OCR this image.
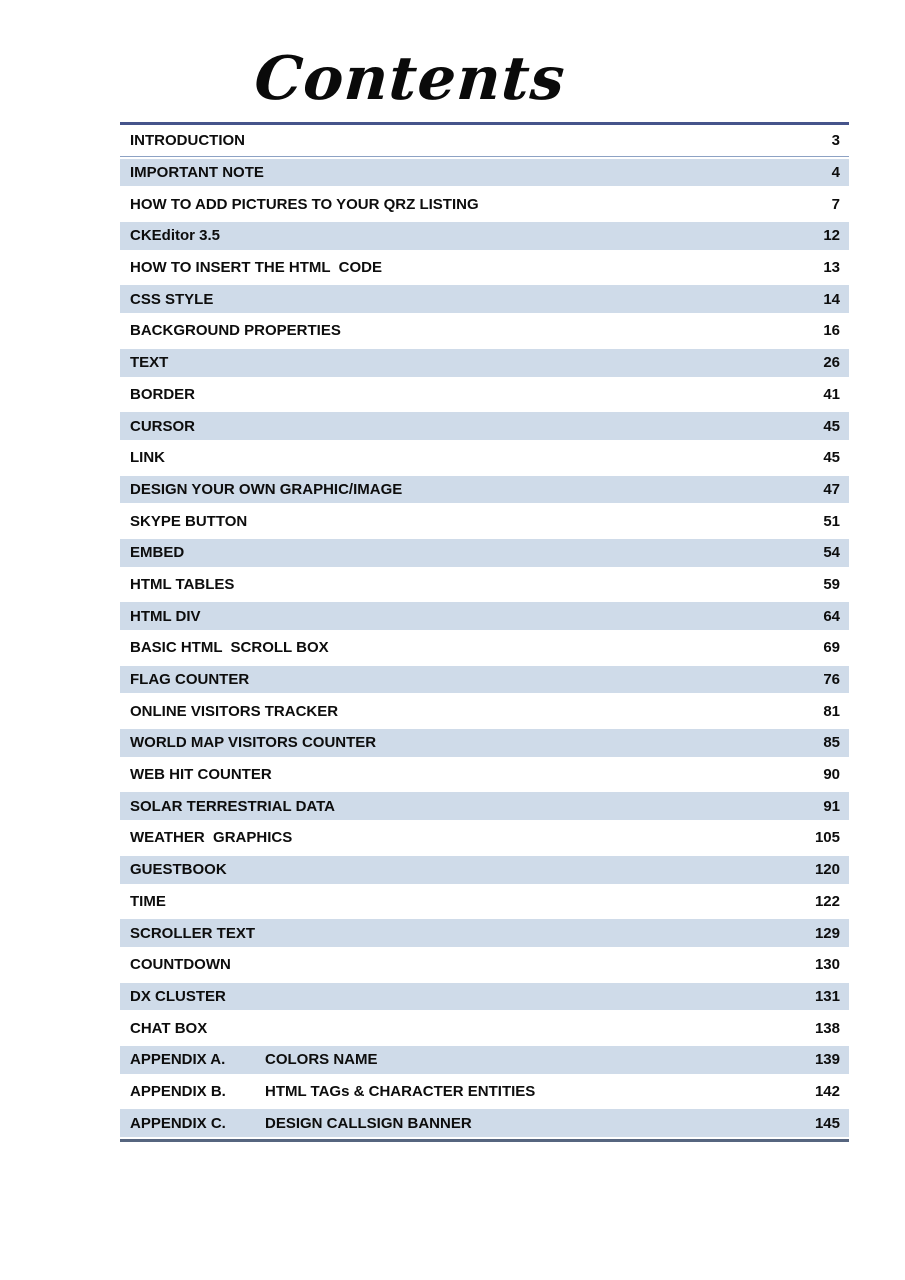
Contents
INTRODUCTION	3
IMPORTANT NOTE	4
HOW TO ADD PICTURES TO YOUR QRZ LISTING	7
CKEditor 3.5	12
HOW TO INSERT THE HTML  CODE	13
CSS STYLE	14
BACKGROUND PROPERTIES	16
TEXT	26
BORDER	41
CURSOR	45
LINK	45
DESIGN YOUR OWN GRAPHIC/IMAGE	47
SKYPE BUTTON	51
EMBED	54
HTML TABLES	59
HTML DIV	64
BASIC HTML  SCROLL BOX	69
FLAG COUNTER	76
ONLINE VISITORS TRACKER	81
WORLD MAP VISITORS COUNTER	85
WEB HIT COUNTER	90
SOLAR TERRESTRIAL DATA	91
WEATHER  GRAPHICS	105
GUESTBOOK	120
TIME	122
SCROLLER TEXT	129
COUNTDOWN	130
DX CLUSTER	131
CHAT BOX	138
APPENDIX A.	COLORS NAME	139
APPENDIX B.	HTML TAGs & CHARACTER ENTITIES	142
APPENDIX C.	DESIGN CALLSIGN BANNER	145
